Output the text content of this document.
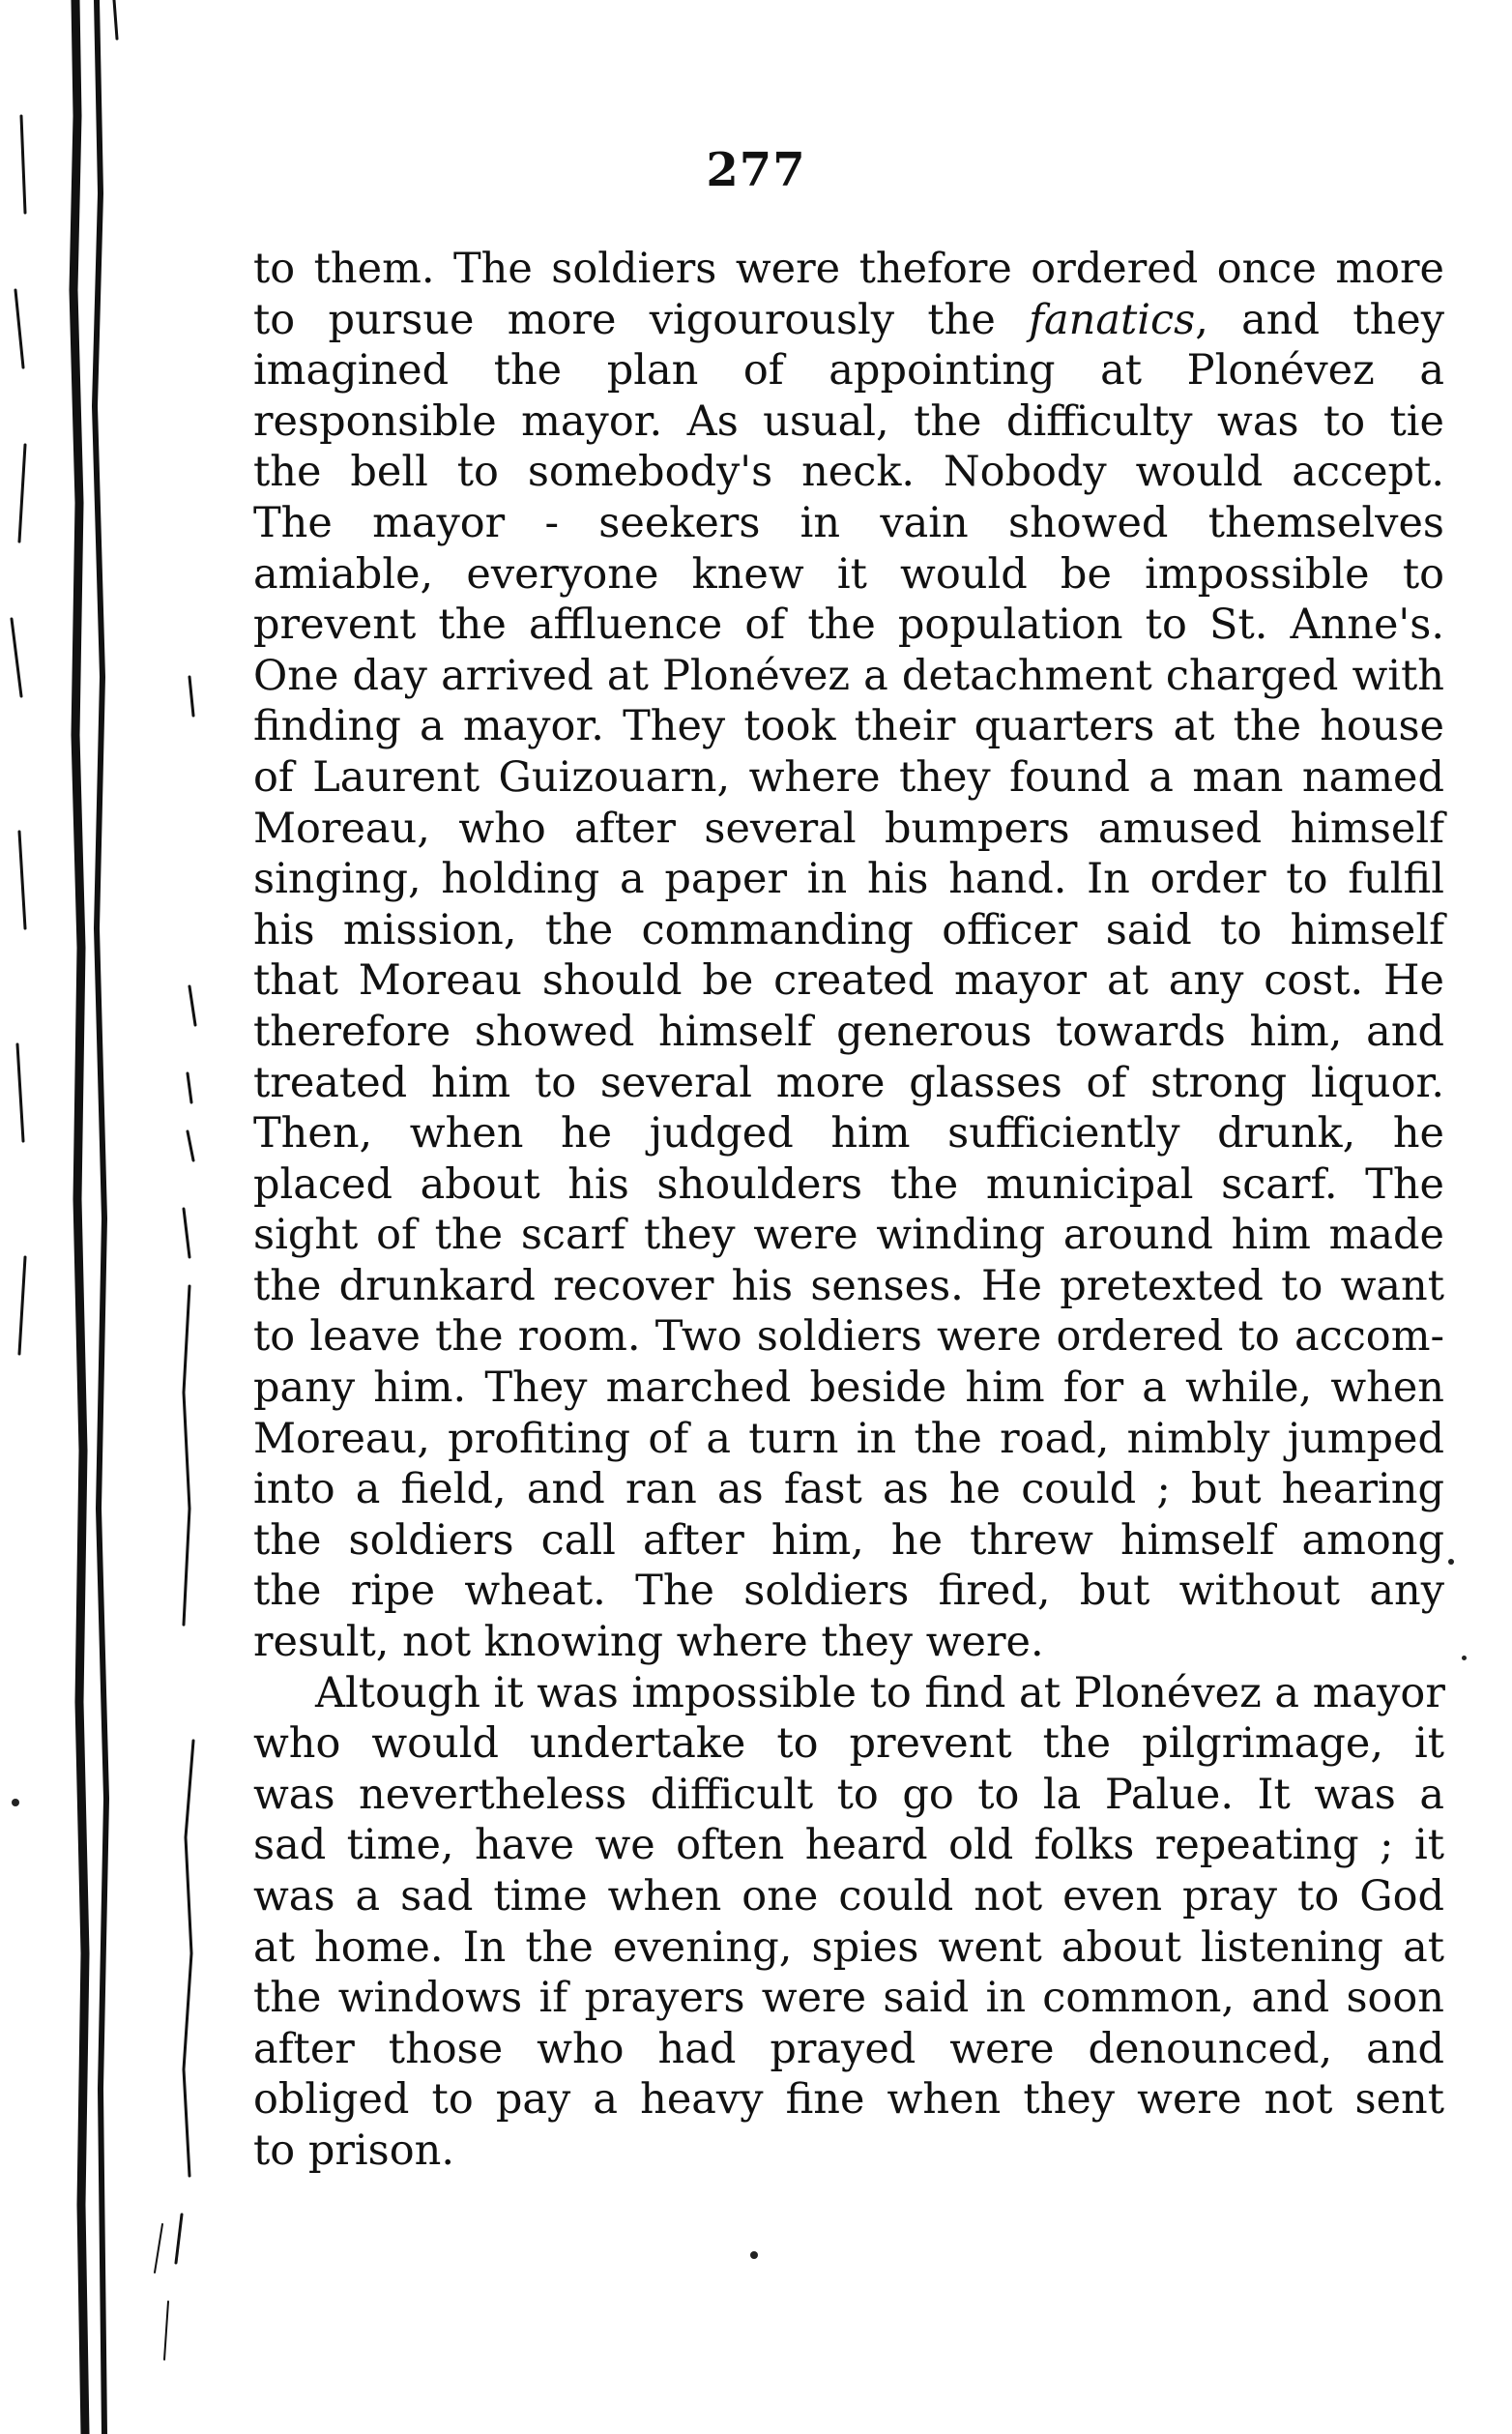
277
to them. The soldiers were thefore ordered once more
to pursue more vigourously the fanatics, and they
imagined the plan of appointing at Plonévez a
responsible mayor. As usual, the difficulty was to tie
the bell to somebody's neck. Nobody would accept.
The mayor - seekers in vain showed themselves
amiable, everyone knew it would be impossible to
prevent the affluence of the population to St. Anne's.
One day arrived at Plonévez a detachment charged with
finding a mayor. They took their quarters at the house
of Laurent Guizouarn, where they found a man named
Moreau, who after several bumpers amused himself
singing, holding a paper in his hand. In order to fulfil
his mission, the commanding officer said to himself
that Moreau should be created mayor at any cost. He
therefore showed himself generous towards him, and
treated him to several more glasses of strong liquor.
Then, when he judged him sufficiently drunk, he
placed about his shoulders the municipal scarf. The
sight of the scarf they were winding around him made
the drunkard recover his senses. He pretexted to want
to leave the room. Two soldiers were ordered to accom-
pany him. They marched beside him for a while, when
Moreau, profiting of a turn in the road, nimbly jumped
into a field, and ran as fast as he could ; but hearing
the soldiers call after him, he threw himself among
the ripe wheat. The soldiers fired, but without any
result, not knowing where they were.
Altough it was impossible to find at Plonévez a mayor
who would undertake to prevent the pilgrimage, it
was nevertheless difficult to go to la Palue. It was a
sad time, have we often heard old folks repeating ; it
was a sad time when one could not even pray to God
at home. In the evening, spies went about listening at
the windows if prayers were said in common, and soon
after those who had prayed were denounced, and
obliged to pay a heavy fine when they were not sent
to prison.
